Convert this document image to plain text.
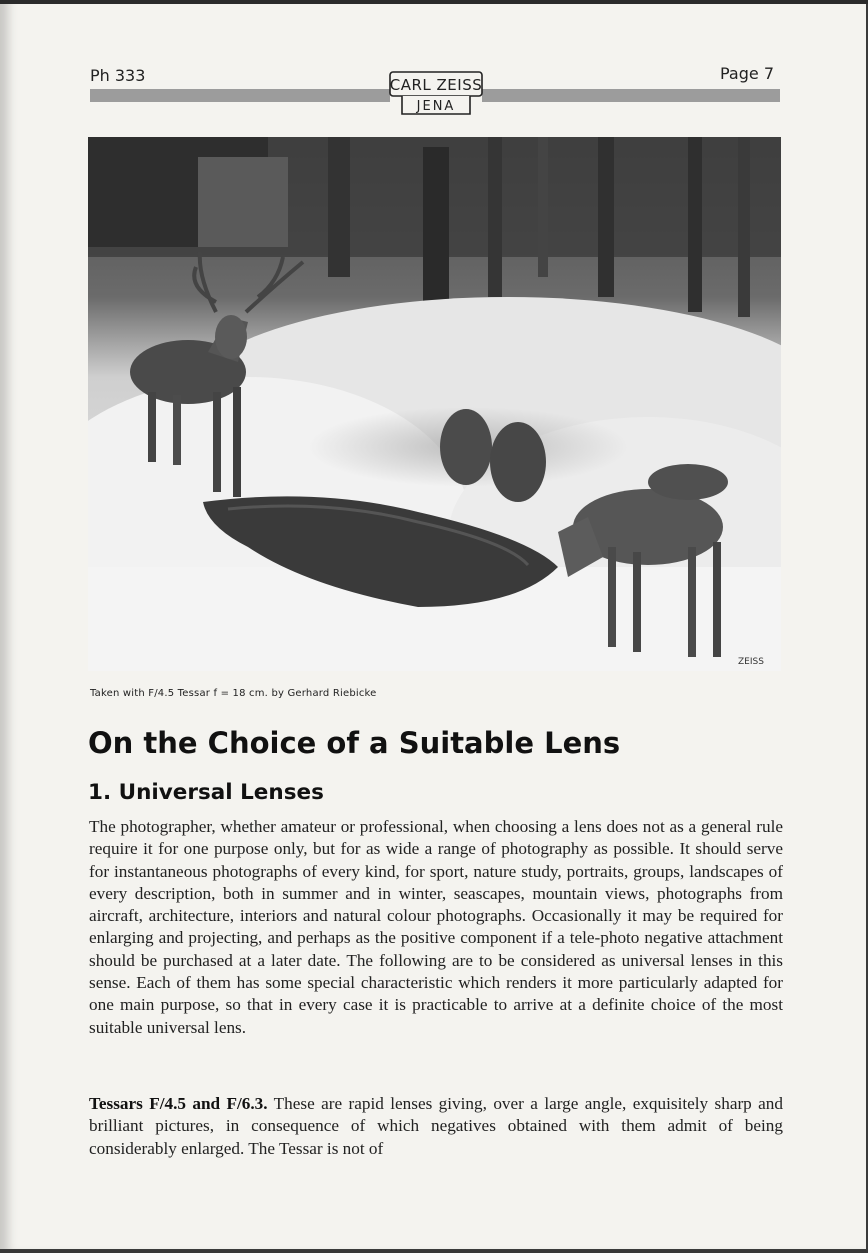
Ph 333	Page 7
CARL ZEISS
JENA
ZEISS
Taken with F/4.5 Tessar f = 18 cm. by Gerhard Riebicke
On the Choice of a Suitable Lens
1. Universal Lenses

The photographer, whether amateur or professional, when choosing a lens does not as a general rule require it for one purpose only, but for as wide a range of photography as possible. It should serve for instantaneous photographs of every kind, for sport, nature study, portraits, groups, landscapes of every description, both in summer and in winter, seascapes, mountain views, photographs from aircraft, architecture, interiors and natural colour photographs. Occasionally it may be required for enlarging and projecting, and perhaps as the positive component if a tele-photo negative attachment should be purchased at a later date. The following are to be considered as universal lenses in this sense. Each of them has some special characteristic which renders it more particularly adapted for one main purpose, so that in every case it is practicable to arrive at a definite choice of the most suitable universal lens.

Tessars F/4.5 and F/6.3. These are rapid lenses giving, over a large angle, exquisitely sharp and brilliant pictures, in consequence of which negatives obtained with them admit of being considerably enlarged. The Tessar is not of
